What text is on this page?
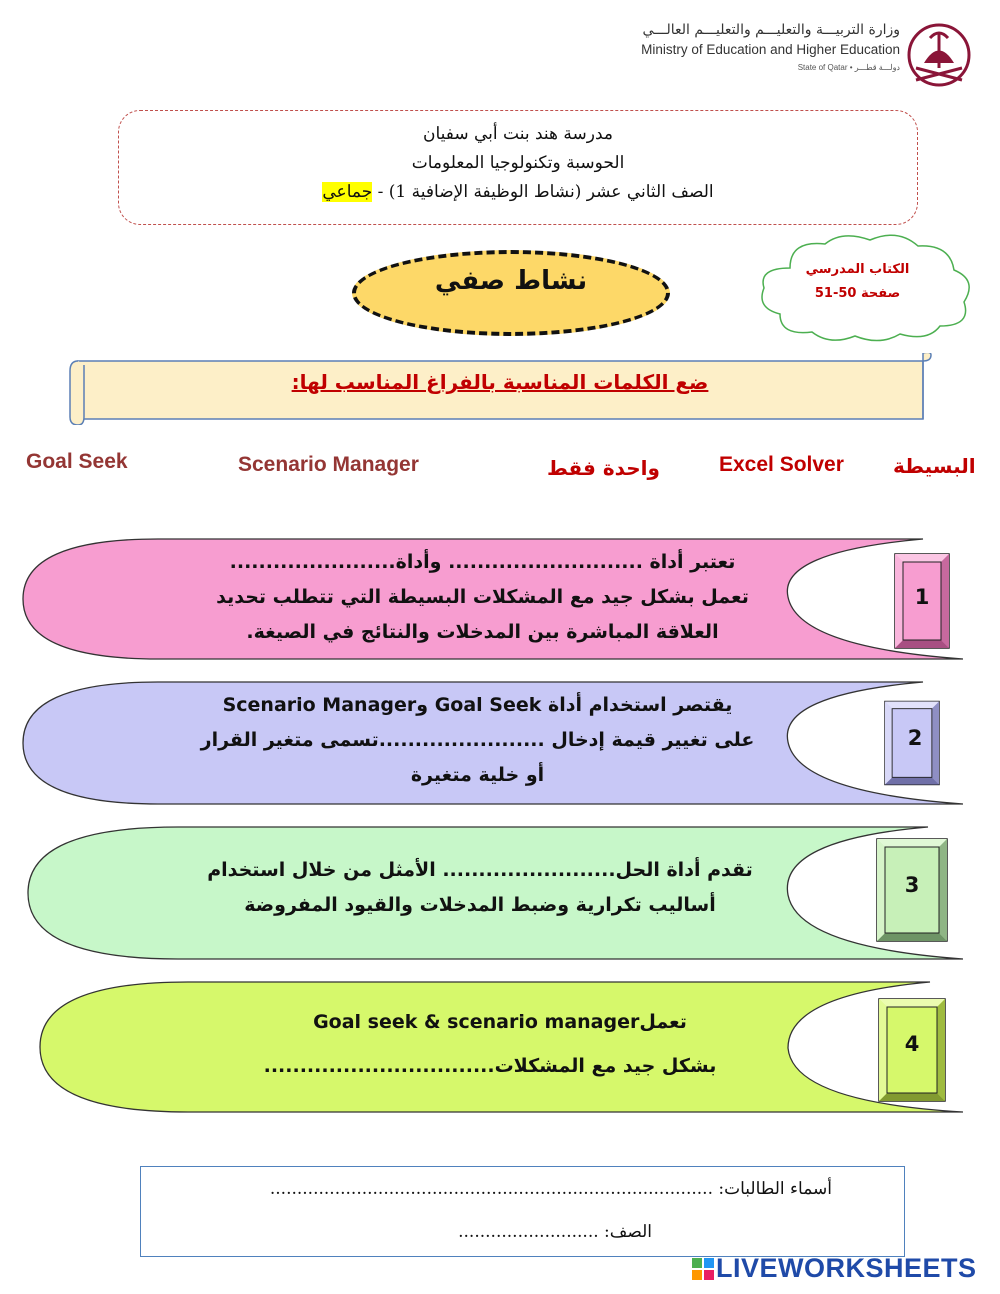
وزارة التربيـــة والتعليـــم والتعليـــم العالـــي
Ministry of Education and Higher Education
State of Qatar • دولـــة قطـــر
مدرسة هند بنت أبي سفيان
الحوسبة وتكنولوجيا المعلومات
الصف الثاني عشر (نشاط الوظيفة الإضافية 1) - جماعي
نشاط صفي	الكتاب المدرسي
صفحة 50-51
ضع الكلمات المناسبة بالفراغ المناسب لها:
Goal Seek	Scenario Manager	واحدة فقط	Excel Solver البسيطة
تعتبر أداة ........................... وأداة.......................
تعمل بشكل جيد مع المشكلات البسيطة التي تتطلب تحديد
العلاقة المباشرة بين المدخلات والنتائج في الصيغة.
1
يقتصر استخدام أداة Goal Seek وScenario Manager
على تغيير قيمة إدخال .......................تسمى متغير القرار
أو خلية متغيرة
2
تقدم أداة الحل........................ الأمثل من خلال استخدام
أساليب تكرارية وضبط المدخلات والقيود المفروضة
3
تعملGoal seek & scenario manager
بشكل جيد مع المشكلات................................
4
أسماء الطالبات: ..................................................................................
الصف: ..........................
LIVEWORKSHEETS
